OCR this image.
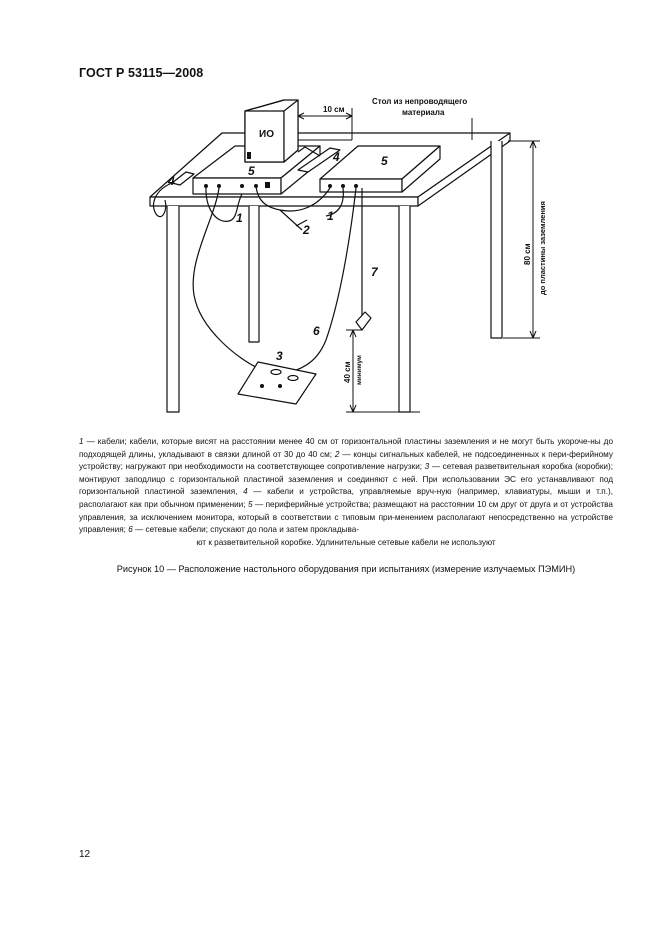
ГОСТ Р 53115—2008
ИО
10 см
Стол из непроводящего
материала
80 см до пластины заземления
40 см минимум
1	1
2
3
4
4
5
5
6
7

1 — кабели; кабели, которые висят на расстоянии менее 40 см от горизонтальной пластины заземления и не могут быть укороче-ны до подходящей длины, укладывают в связки длиной от 30 до 40 см; 2 — концы сигнальных кабелей, не подсоединенных к пери-ферийному устройству; нагружают при необходимости на соответствующее сопротивление нагрузки; 3 — сетевая разветвительная коробка (коробки); монтируют заподлицо с горизонтальной пластиной заземления и соединяют с ней. При использовании ЭС его устанавливают под горизонтальной пластиной заземления, 4 — кабели и устройства, управляемые вруч-ную (например, клавиатуры, мыши и т.п.), располагают как при обычном применении; 5 — периферийные устройства; размещают на расстоянии 10 см друг от друга и от устройства управления, за исключением монитора, который в соответствии с типовым при-менением располагают непосредственно на устройстве управления; 6 — сетевые кабели; спускают до пола и затем прокладыва-

ют к разветвительной коробке. Удлинительные сетевые кабели не используют
Рисунок 10 — Расположение настольного оборудования при испытаниях (измерение излучаемых ПЭМИН)
12
